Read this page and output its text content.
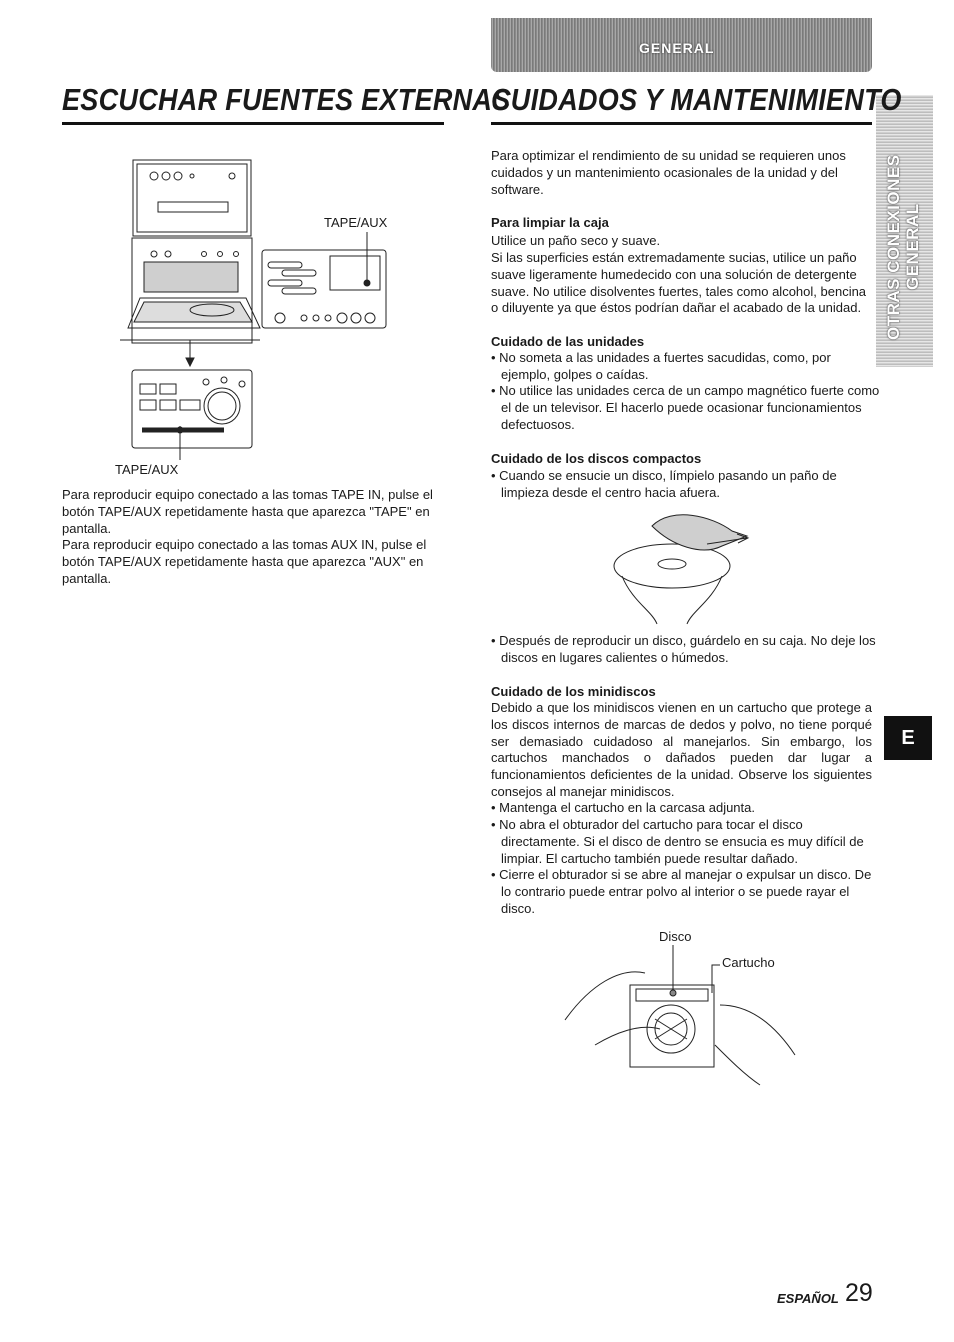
GENERAL
OTRAS CONEXIONES GENERAL
E
ESCUCHAR FUENTES EXTERNAS
TAPE/AUX
TAPE/AUX
Para reproducir equipo conectado a las tomas TAPE IN, pulse el botón TAPE/AUX repetidamente hasta que aparezca "TAPE" en pantalla.
Para reproducir equipo conectado a las tomas AUX IN, pulse el botón TAPE/AUX repetidamente hasta que aparezca "AUX" en pantalla.
CUIDADOS Y MANTENIMIENTO
Para optimizar el rendimiento de su unidad se requieren unos cuidados y un mantenimiento ocasionales de la unidad y del software.
Para limpiar la caja
Utilice un paño seco y suave.
Si las superficies están extremadamente sucias, utilice un paño suave ligeramente humedecido con una solución de detergente suave. No utilice disolventes fuertes, tales como alcohol, bencina o diluyente ya que éstos podrían dañar el acabado de la unidad.
Cuidado de las unidades
• No someta a las unidades a fuertes sacudidas, como, por ejemplo, golpes o caídas.
• No utilice las unidades cerca de un campo magnético fuerte como el de un televisor. El hacerlo puede ocasionar funcionamientos defectuosos.
Cuidado de los discos compactos
• Cuando se ensucie un disco, límpielo pasando un paño de limpieza desde el centro hacia afuera.
• Después de reproducir un disco, guárdelo en su caja. No deje los discos en lugares calientes o húmedos.
Cuidado de los minidiscos
Debido a que los minidiscos vienen en un cartucho que protege a los discos internos de marcas de dedos y polvo, no tiene porqué ser demasiado cuidadoso al manejarlos. Sin embargo, los cartuchos manchados o dañados pueden dar lugar a funcionamientos deficientes de la unidad. Observe los siguientes consejos al manejar minidiscos.
• Mantenga el cartucho en la carcasa adjunta.
• No abra el obturador del cartucho para tocar el disco directamente. Si el disco de dentro se ensucia es muy difícil de limpiar. El cartucho también puede resultar dañado.
• Cierre el obturador si se abre al manejar o expulsar un disco. De lo contrario puede entrar polvo al interior o se puede rayar el disco.
Disco
Cartucho
ESPAÑOL 29
